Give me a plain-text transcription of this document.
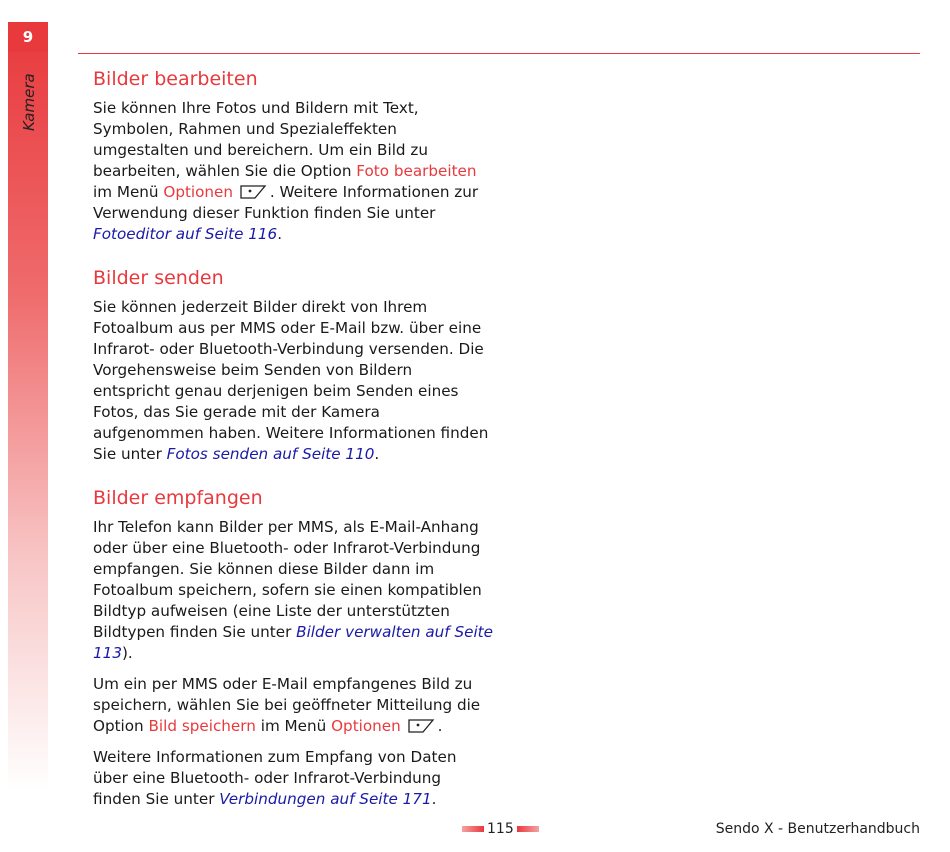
9
Kamera	Bilder bearbeiten

Sie können Ihre Fotos und Bildern mit Text, Symbolen, Rahmen und Spezialeffekten umgestalten und bereichern. Um ein Bild zu bearbeiten, wählen Sie die Option Foto bearbeiten im Menü Optionen . Weitere Informationen zur Verwendung dieser Funktion finden Sie unter Fotoeditor auf Seite 116.

Bilder senden

Sie können jederzeit Bilder direkt von Ihrem Fotoalbum aus per MMS oder E-Mail bzw. über eine Infrarot- oder Bluetooth-Verbindung versenden. Die Vorgehensweise beim Senden von Bildern entspricht genau derjenigen beim Senden eines Fotos, das Sie gerade mit der Kamera aufgenommen haben. Weitere Informationen finden Sie unter Fotos senden auf Seite 110.

Bilder empfangen

Ihr Telefon kann Bilder per MMS, als E-Mail-Anhang oder über eine Bluetooth- oder Infrarot-Verbindung empfangen. Sie können diese Bilder dann im Fotoalbum speichern, sofern sie einen kompatiblen Bildtyp aufweisen (eine Liste der unterstützten Bildtypen finden Sie unter Bilder verwalten auf Seite 113).

Um ein per MMS oder E-Mail empfangenes Bild zu speichern, wählen Sie bei geöffneter Mitteilung die Option Bild speichern im Menü Optionen .

Weitere Informationen zum Empfang von Daten über eine Bluetooth- oder Infrarot-Verbindung finden Sie unter Verbindungen auf Seite 171.

115	Sendo X - Benutzerhandbuch
